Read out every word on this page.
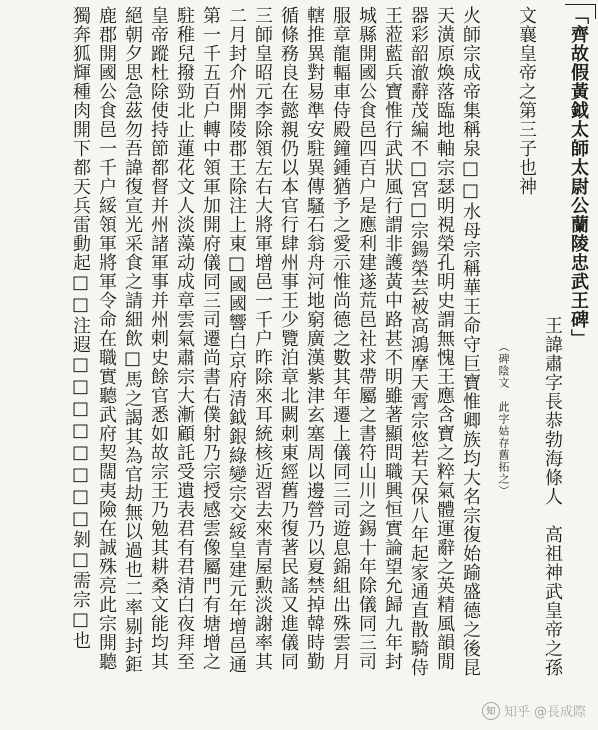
「齊故假黃鉞太師太尉公蘭陵忠武王碑」
王諱肅字長恭勃海條人　高祖神武皇帝之孫
文襄皇帝之第三子也神
（碑陰文　此字姑存舊拓之）
火師宗成帝集稱泉□□水母宗稱華王命守巨寶惟卿族均大名宗復始踰盛德之後昆
天潢原煥落臨地軸宗瑟明視榮孔明史謂無愧王應含寶之粹氣體運辭之英精風韻閒
器彩韶澈辭茂編不□宮□宗鍚榮芸被高鴻摩天霄宗悠若天保八年起家通直散騎侍
王蒞藍兵寶惟行武狀風行謂非護黃中路甚不明雖著顯問職興恒實論望允歸九年封
城縣開國公食邑四百户是應利建遂荒邑社求帶屬之書符山川之錫十年除儀同三司
服章龍輻車侍殿鐘鍾猶予之愛示惟尚德之數其年遷上儀同三司遊息錦組出殊雲月
轄推異對易準安駐異傳騷石翁舟河地窮廣漢紫津玄塞周以邊營乃以夏禁掉韓時勤
循條務良在懿親仍以本官行肆州事王少覽泊章北闕刺東經舊乃復著民謠又進儀同
三師皇昭元李除領左右大將軍增邑一千户昨除來耳統核近習去來青屋勲淡謝率其
二月封介州開陵郡王除注上東□國國響白京府清鉞銀綠變宗交綏皇建元年增邑通
第一千五百户轉中領軍加開府儀同三司遷尚書右僕射乃宗授感雲像屬門有塘增之
駐稚兒撥勁北止蓮花文人淡藻动成章雲氣肅宗大漸顧託受遺表君有君清白夜拜至
皇帝蹤杜除使持節都督并州諸軍事并州剌史餘官悉如故宗王乃勉其耕桑文能均其
絕朝夕思急茲勿吾諱復宣光采食之請細飲□馬之謁其為官劫無以過也二率剔封鉅
鹿郡開國公食邑一千户綏領軍將軍令命在職實聽武府契闊夷險在誠殊亮此宗開聽
獨奔狐輝種肉開下都天兵雷動起□□注遐□□□□□□□□剝□需宗□也
知 知乎 @長成際
